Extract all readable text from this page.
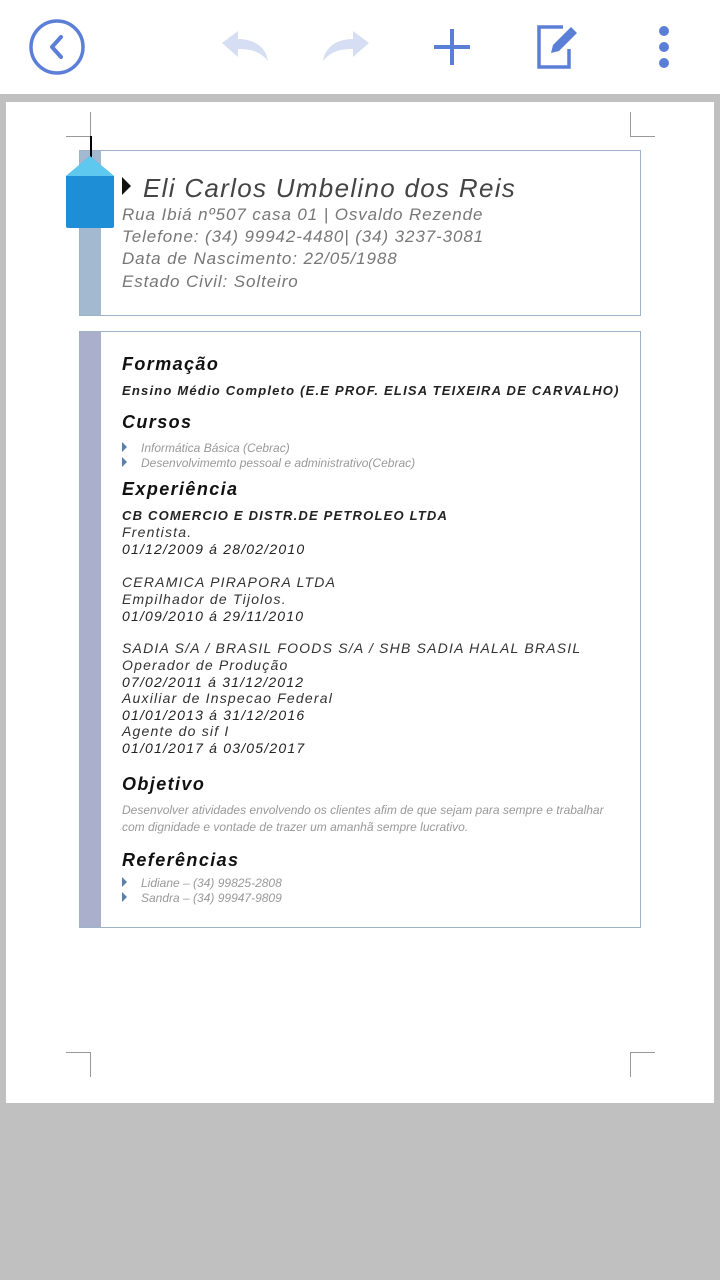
Eli Carlos Umbelino dos Reis
Rua Ibiá nº507 casa 01 | Osvaldo Rezende
Telefone: (34) 99942-4480| (34) 3237-3081
Data de Nascimento: 22/05/1988
Estado Civil: Solteiro
Formação
Ensino Médio Completo (E.E PROF. ELISA TEIXEIRA DE CARVALHO)
Cursos
Informática Básica (Cebrac)
Desenvolvimemto pessoal e administrativo(Cebrac)
Experiência
CB COMERCIO E DISTR.DE PETROLEO LTDA
Frentista.
01/12/2009 á 28/02/2010
CERAMICA PIRAPORA LTDA
Empilhador de Tijolos.
01/09/2010 á 29/11/2010
SADIA S/A / BRASIL FOODS S/A / SHB SADIA HALAL BRASIL
Operador de Produção
07/02/2011 á 31/12/2012
Auxiliar de Inspecao Federal
01/01/2013 á 31/12/2016
Agente do sif I
01/01/2017 á 03/05/2017
Objetivo
Desenvolver atividades envolvendo os clientes afim de que sejam para sempre e trabalhar com dignidade e vontade de trazer um amanhã sempre lucrativo.
Referências
Lidiane – (34) 99825-2808
Sandra – (34) 99947-9809
